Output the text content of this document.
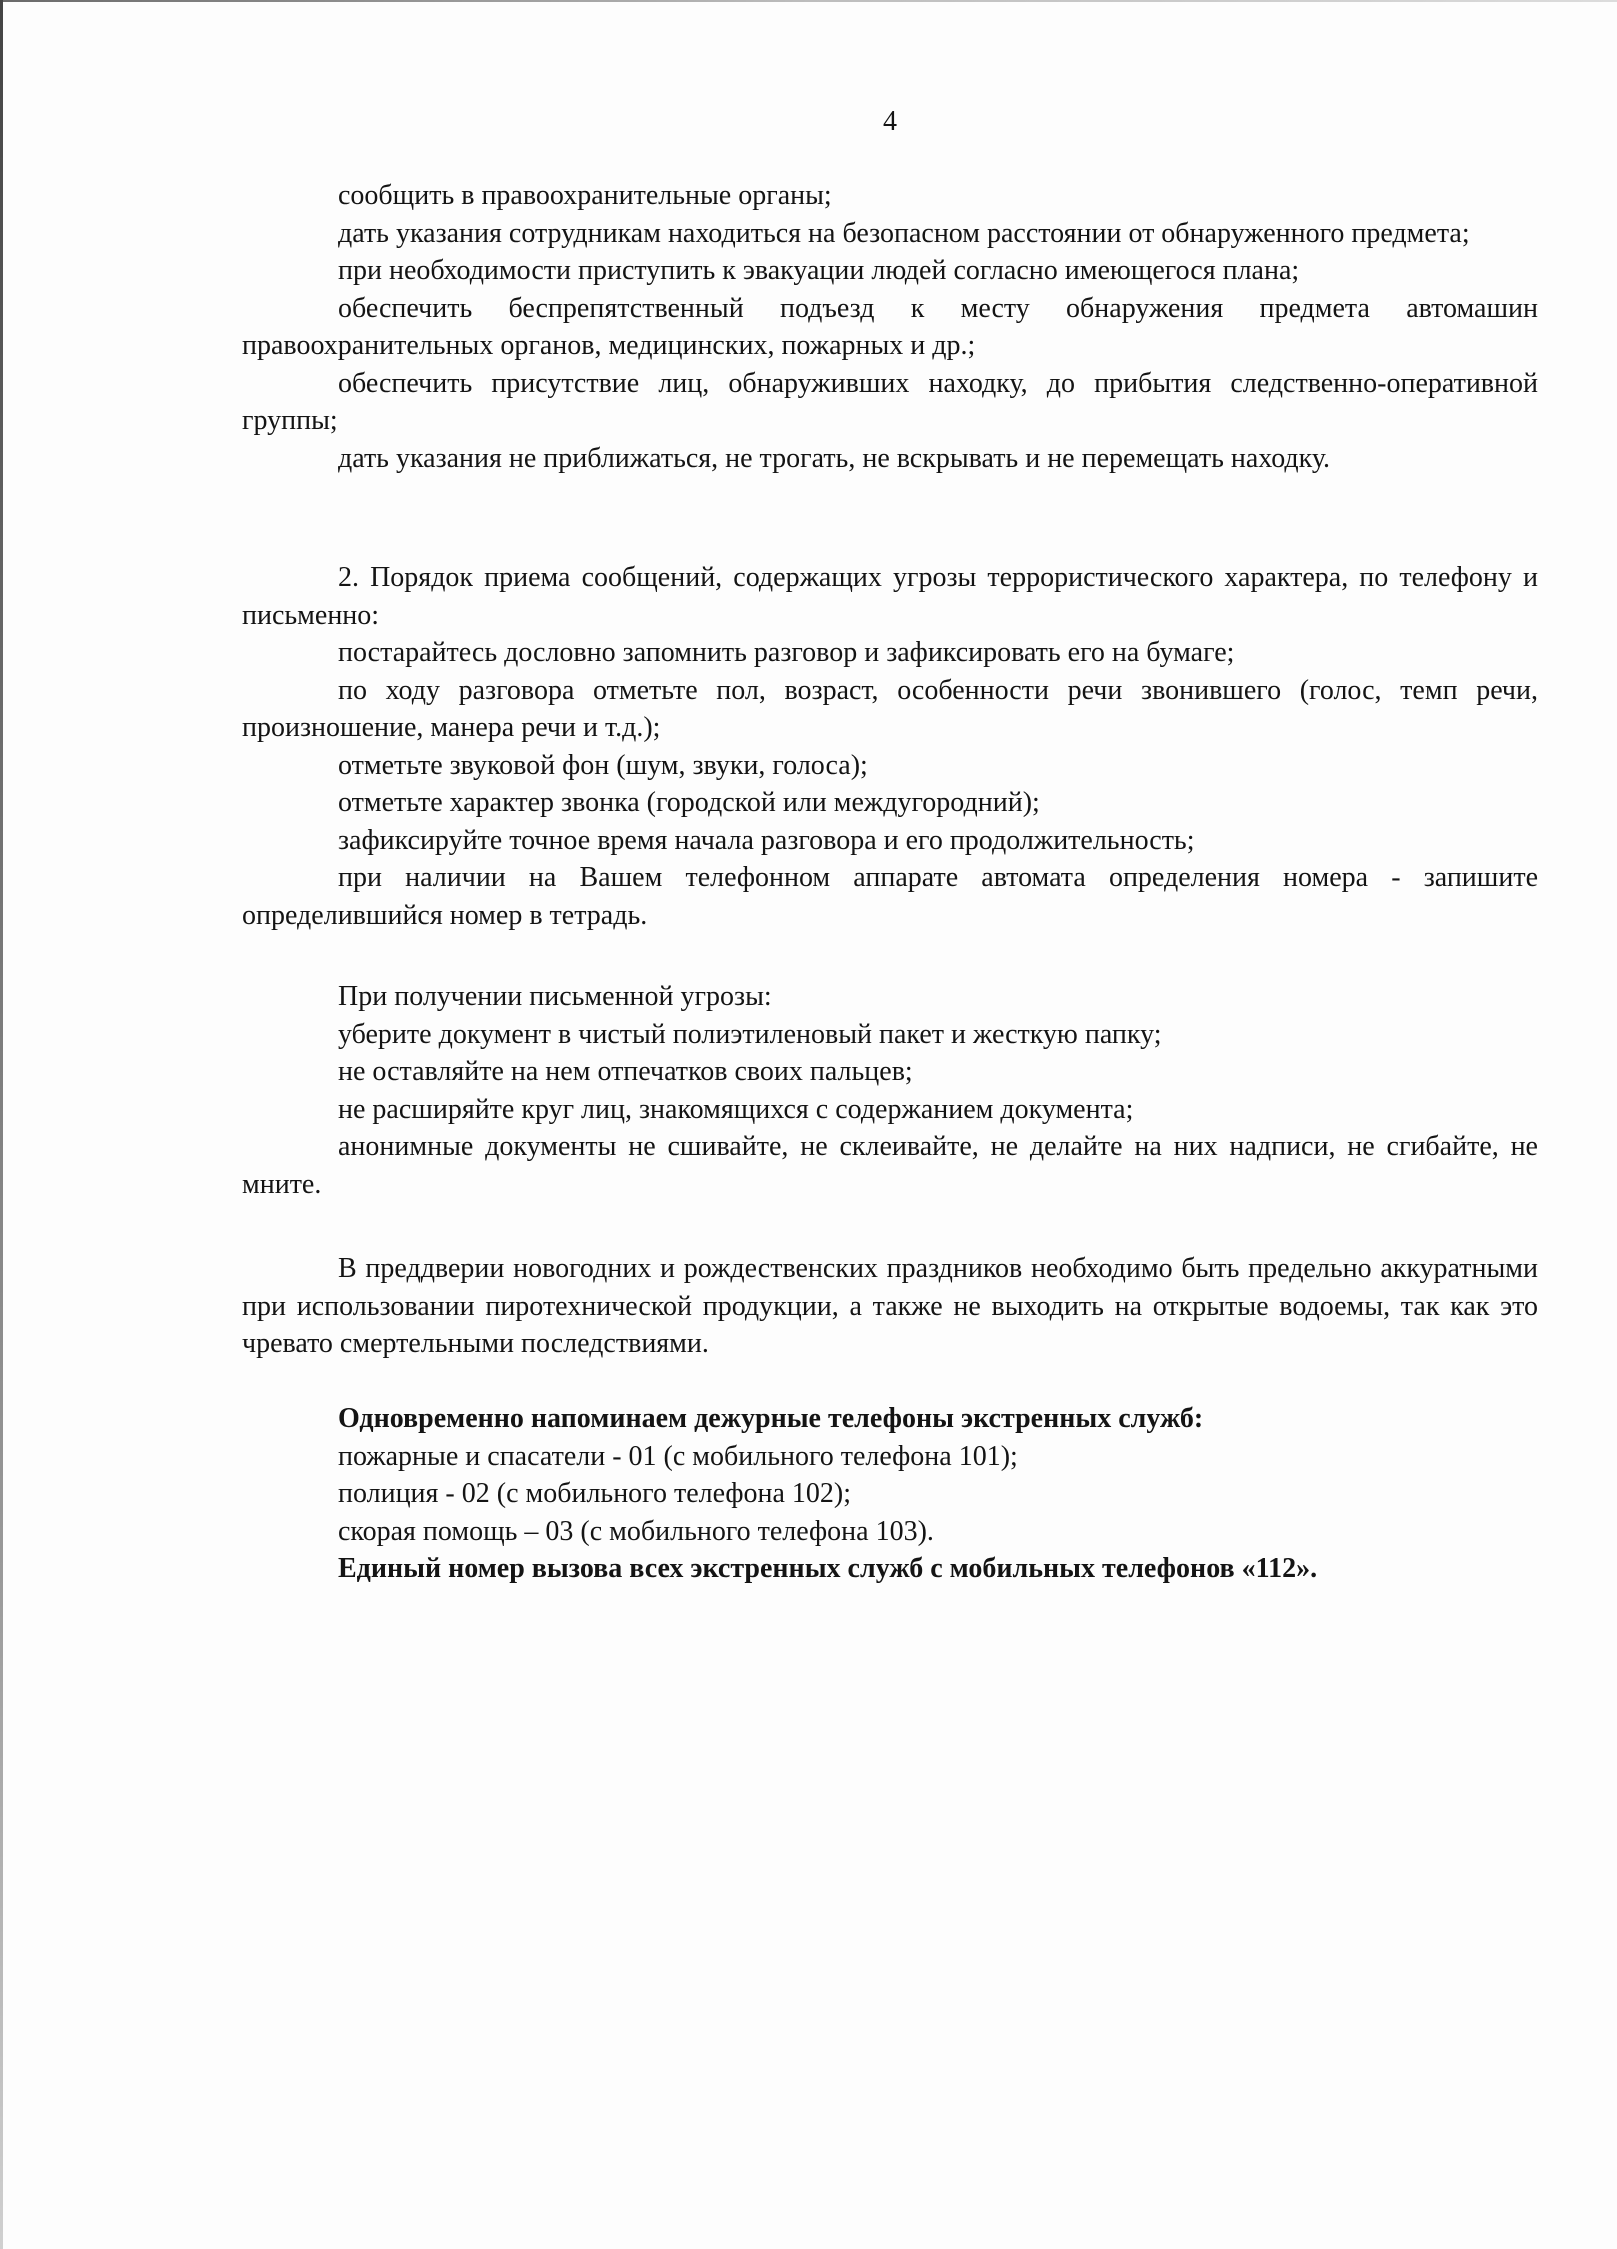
4

сообщить в правоохранительные органы;

дать указания сотрудникам находиться на безопасном расстоянии от обнаруженного предмета;

при необходимости приступить к эвакуации людей согласно имеющегося плана;

обеспечить беспрепятственный подъезд к месту обнаружения предмета автомашин правоохранительных органов, медицинских, пожарных и др.;

обеспечить присутствие лиц, обнаруживших находку, до прибытия следственно-оперативной группы;

дать указания не приближаться, не трогать, не вскрывать и не перемещать находку.

2. Порядок приема сообщений, содержащих угрозы террористического характера, по телефону и письменно:

постарайтесь дословно запомнить разговор и зафиксировать его на бумаге;

по ходу разговора отметьте пол, возраст, особенности речи звонившего (голос, темп речи, произношение, манера речи и т.д.);

отметьте звуковой фон (шум, звуки, голоса);

отметьте характер звонка (городской или междугородний);

зафиксируйте точное время начала разговора и его продолжительность;

при наличии на Вашем телефонном аппарате автомата определения номера - запишите определившийся номер в тетрадь.

При получении письменной угрозы:

уберите документ в чистый полиэтиленовый пакет и жесткую папку;

не оставляйте на нем отпечатков своих пальцев;

не расширяйте круг лиц, знакомящихся с содержанием документа;

анонимные документы не сшивайте, не склеивайте, не делайте на них надписи, не сгибайте, не мните.

В преддверии новогодних и рождественских праздников необходимо быть предельно аккуратными при использовании пиротехнической продукции, а также не выходить на открытые водоемы, так как это чревато смертельными последствиями.

Одновременно напоминаем дежурные телефоны экстренных служб:

пожарные и спасатели - 01 (с мобильного телефона 101);

полиция - 02 (с мобильного телефона 102);

скорая помощь – 03 (с мобильного телефона 103).

Единый номер вызова всех экстренных служб с мобильных телефонов «112».
